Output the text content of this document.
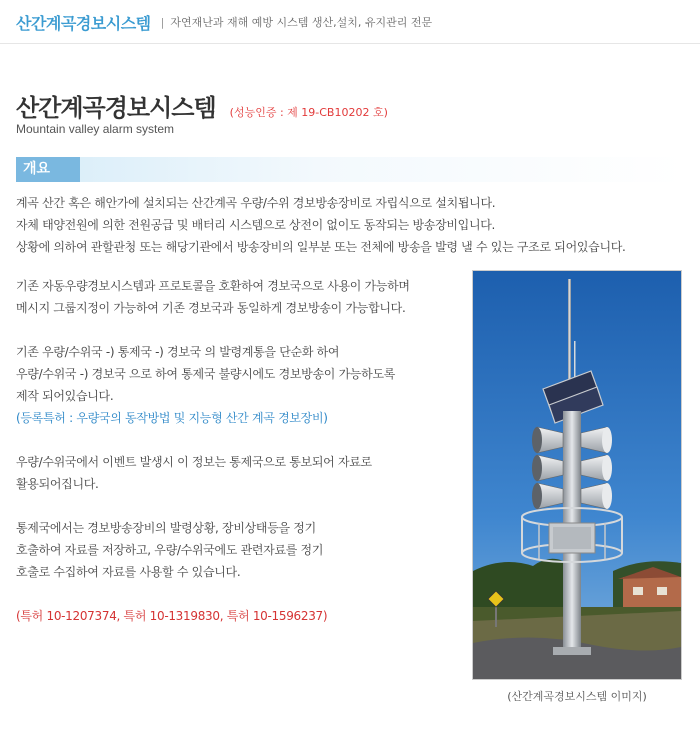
산간계곡경보시스템
|	자연재난과 재해 예방 시스템 생산,설치, 유지관리 전문
산간계곡경보시스템 (성능인증 : 제 19-CB10202 호)
Mountain valley alarm system
개요

계곡 산간 혹은 해안가에 설치되는 산간계곡 우량/수위 경보방송장비로 자립식으로 설치됩니다.

자체 태양전원에 의한 전원공급 및 배터리 시스템으로 상전이 없이도 동작되는 방송장비입니다.

상황에 의하여 관할관청 또는 해당기관에서 방송장비의 일부분 또는 전체에 방송을 발령 낼 수 있는 구조로 되어있습니다.

기존 자동우량경보시스템과 프로토콜을 호환하여 경보국으로 사용이 가능하며
메시지 그룹지정이 가능하여 기존 경보국과 동일하게 경보방송이 가능합니다.

기존 우량/수위국 -) 통제국 -) 경보국 의 발령계통을 단순화 하여
우량/수위국 -) 경보국 으로 하여 통제국 불량시에도 경보방송이 가능하도록
제작 되어있습니다.
(등록특허 : 우량국의 동작방법 및 지능형 산간 계곡 경보장비)

우량/수위국에서 이벤트 발생시 이 정보는 통제국으로 통보되어 자료로
활용되어집니다.

통제국에서는 경보방송장비의 발령상황, 장비상태등을 정기
호출하여 자료를 저장하고, 우량/수위국에도 관련자료를 정기
호출로 수집하여 자료를 사용할 수 있습니다.

(특허 10-1207374, 특허 10-1319830, 특허 10-1596237)

(산간계곡경보시스템 이미지)
